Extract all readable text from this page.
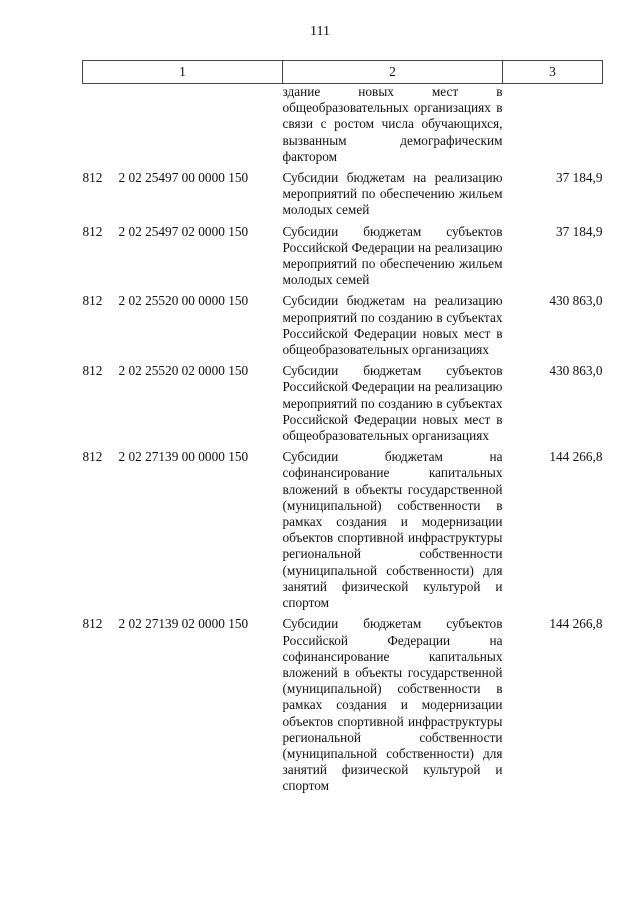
111
1	2	3
	здание новых мест в общеобразовательных организациях в связи с ростом числа обучающихся, вызванным демографическим фактором	
812 2 02 25497 00 0000 150	Субсидии бюджетам на реализацию мероприятий по обеспечению жильем молодых семей	37 184,9
812 2 02 25497 02 0000 150	Субсидии бюджетам субъектов Российской Федерации на реализацию мероприятий по обеспечению жильем молодых семей	37 184,9
812 2 02 25520 00 0000 150	Субсидии бюджетам на реализацию мероприятий по созданию в субъектах Российской Федерации новых мест в общеобразовательных организациях	430 863,0
812 2 02 25520 02 0000 150	Субсидии бюджетам субъектов Российской Федерации на реализацию мероприятий по созданию в субъектах Российской Федерации новых мест в общеобразовательных организациях	430 863,0
812 2 02 27139 00 0000 150	Субсидии бюджетам на софинансирование капитальных вложений в объекты государственной (муниципальной) собственности в рамках создания и модернизации объектов спортивной инфраструктуры региональной собственности (муниципальной собственности) для занятий физической культурой и спортом	144 266,8
812 2 02 27139 02 0000 150	Субсидии бюджетам субъектов Российской Федерации на софинансирование капитальных вложений в объекты государственной (муниципальной) собственности в рамках создания и модернизации объектов спортивной инфраструктуры региональной собственности (муниципальной собственности) для занятий физической культурой и спортом	144 266,8
